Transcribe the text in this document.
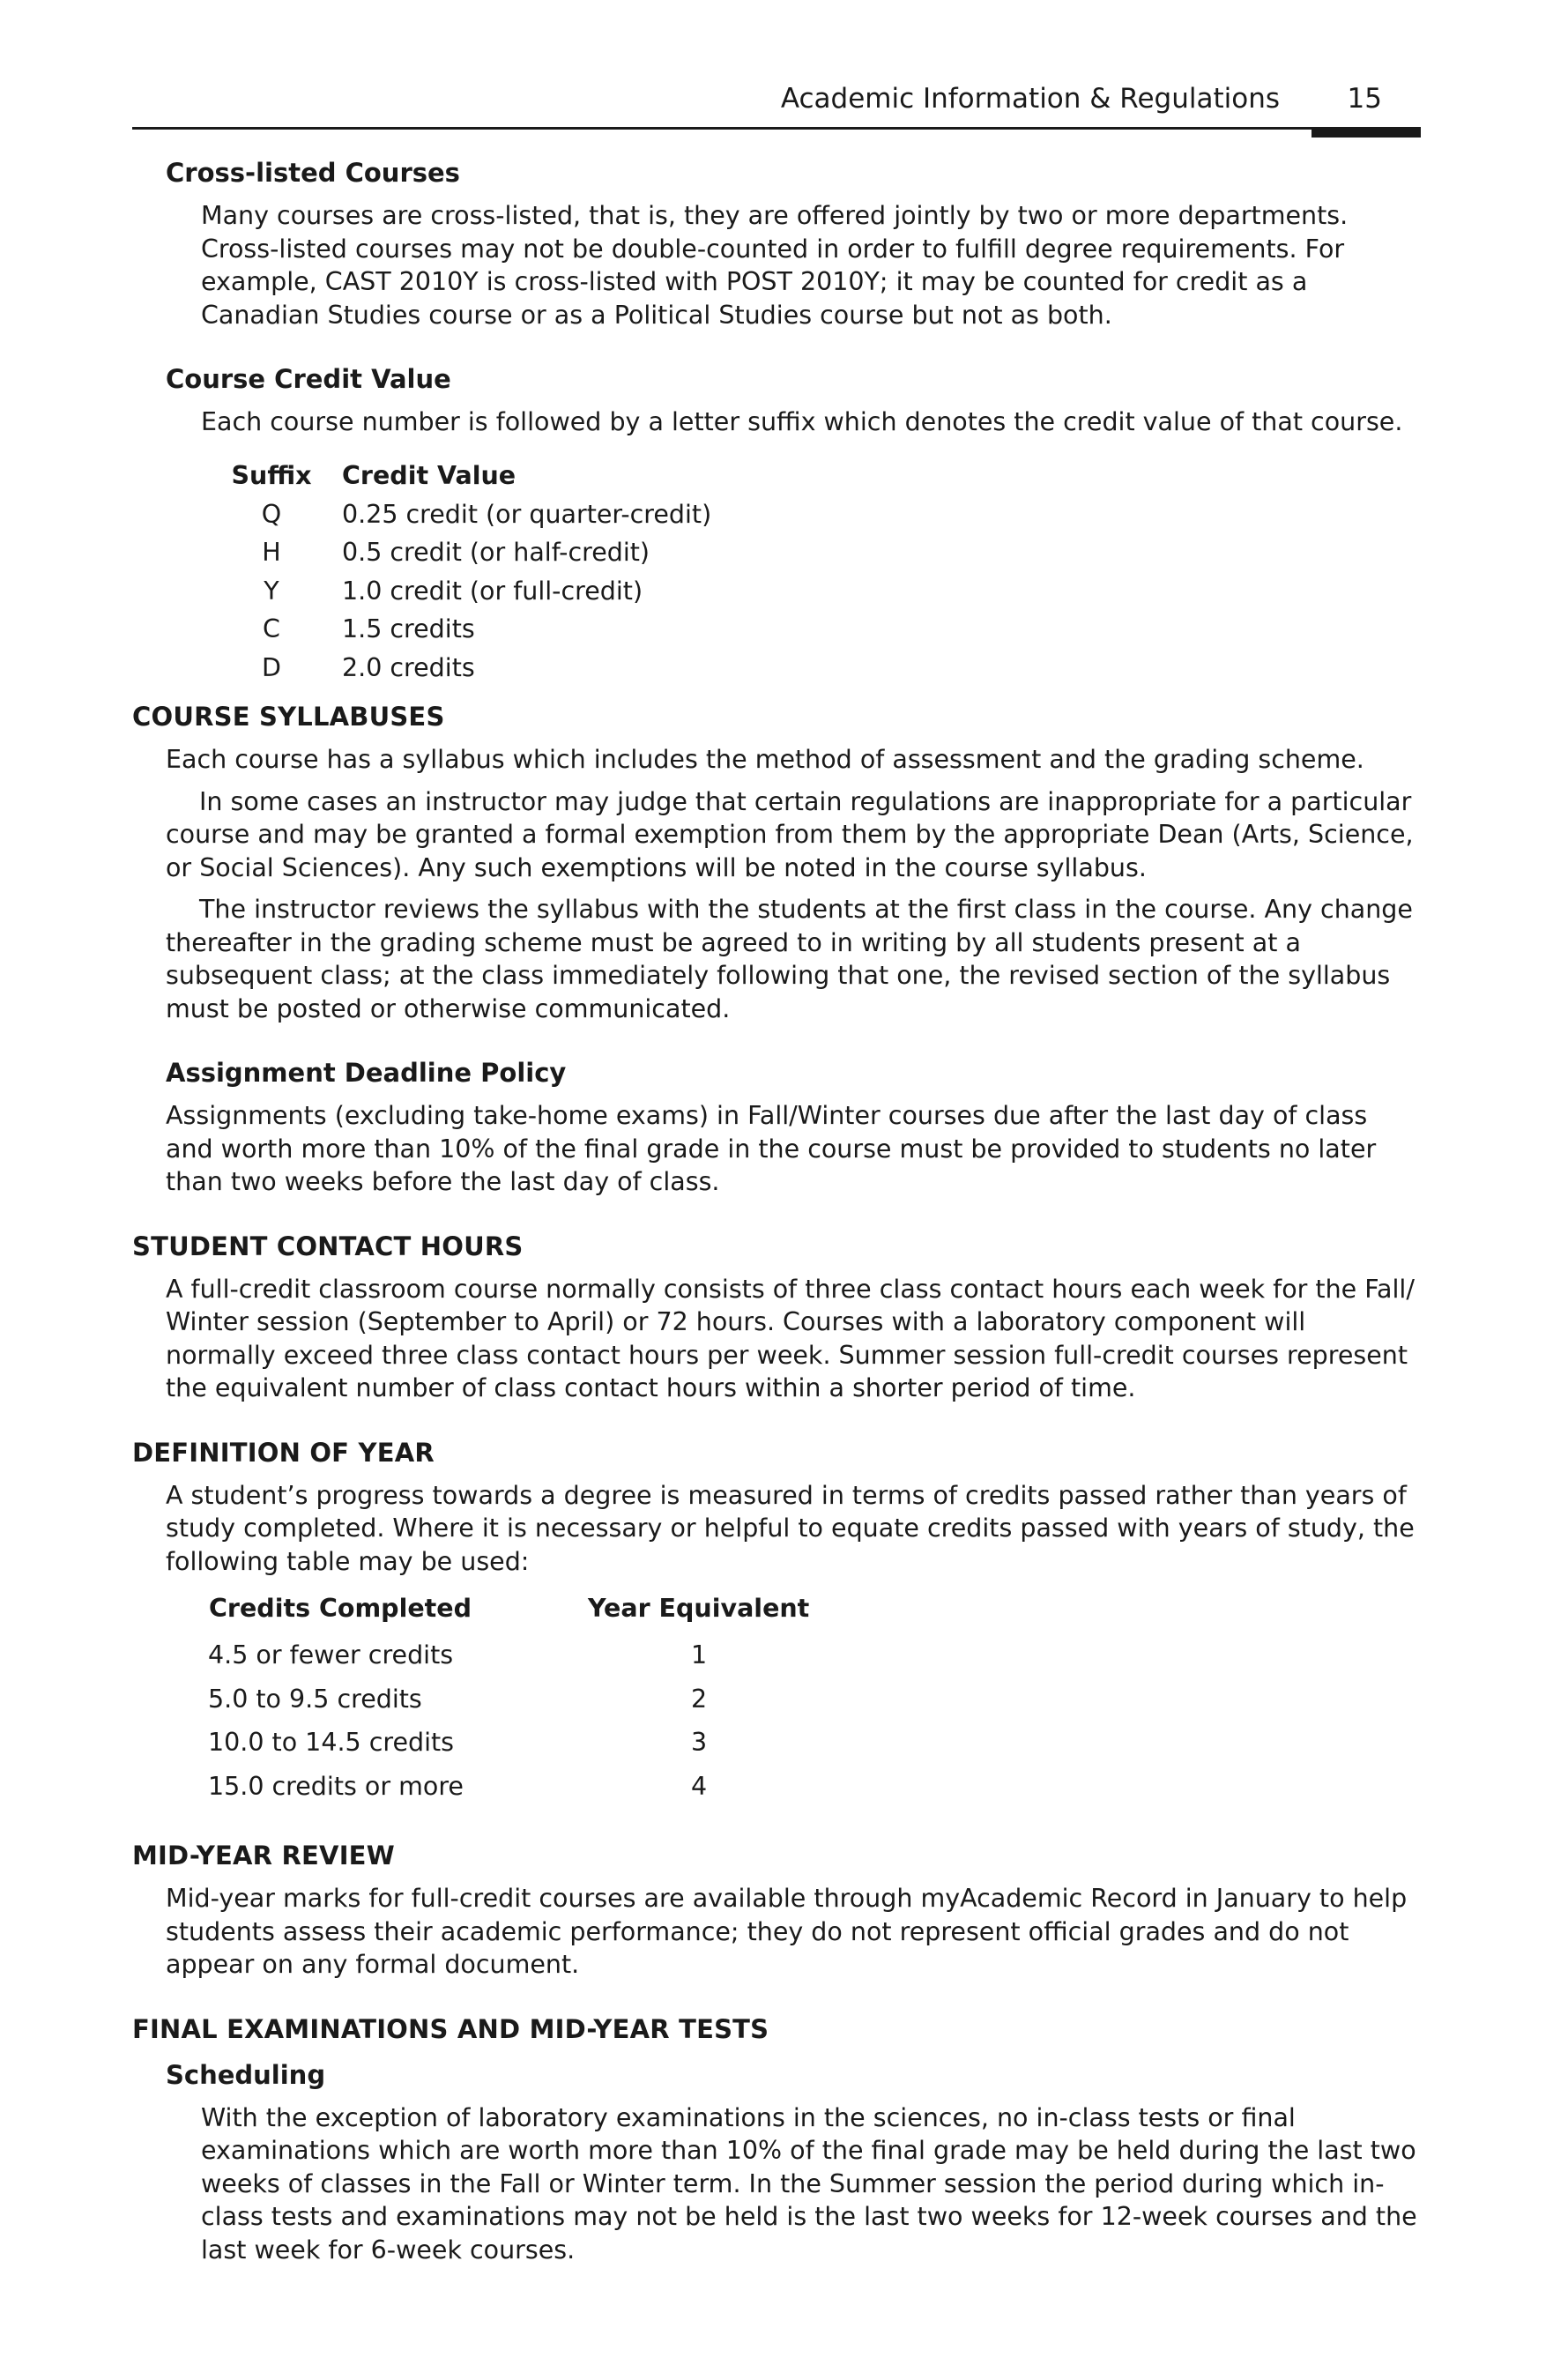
Academic Information & Regulations 15
Cross-listed Courses
Many courses are cross-listed, that is, they are offered jointly by two or more departments. Cross-listed courses may not be double-counted in order to fulfill degree requirements. For example, CAST 2010Y is cross-listed with POST 2010Y; it may be counted for credit as a Canadian Studies course or as a Political Studies course but not as both.
Course Credit Value
Each course number is followed by a letter suffix which denotes the credit value of that course.
Suffix	Credit Value
Q	0.25 credit (or quarter-credit)
H	0.5 credit (or half-credit)
Y	1.0 credit (or full-credit)
C	1.5 credits
D	2.0 credits
COURSE SYLLABUSES
Each course has a syllabus which includes the method of assessment and the grading scheme.
In some cases an instructor may judge that certain regulations are inappropriate for a particular course and may be granted a formal exemption from them by the appropriate Dean (Arts, Science, or Social Sciences). Any such exemptions will be noted in the course syllabus.
The instructor reviews the syllabus with the students at the first class in the course. Any change thereafter in the grading scheme must be agreed to in writing by all students present at a subsequent class; at the class immediately following that one, the revised section of the syllabus must be posted or otherwise communicated.
Assignment Deadline Policy
Assignments (excluding take-home exams) in Fall/Winter courses due after the last day of class and worth more than 10% of the final grade in the course must be provided to students no later than two weeks before the last day of class.
STUDENT CONTACT HOURS
A full-credit classroom course normally consists of three class contact hours each week for the Fall/ Winter session (September to April) or 72 hours. Courses with a laboratory component will normally exceed three class contact hours per week. Summer session full-credit courses represent the equivalent number of class contact hours within a shorter period of time.
DEFINITION OF YEAR
A student’s progress towards a degree is measured in terms of credits passed rather than years of study completed. Where it is necessary or helpful to equate credits passed with years of study, the following table may be used:
Credits Completed	Year Equivalent
4.5 or fewer credits	1
5.0 to 9.5 credits	2
10.0 to 14.5 credits	3
15.0 credits or more	4
MID-YEAR REVIEW
Mid-year marks for full-credit courses are available through myAcademic Record in January to help students assess their academic performance; they do not represent official grades and do not appear on any formal document.
FINAL EXAMINATIONS AND MID-YEAR TESTS
Scheduling
With the exception of laboratory examinations in the sciences, no in-class tests or final examinations which are worth more than 10% of the final grade may be held during the last two weeks of classes in the Fall or Winter term. In the Summer session the period during which in-class tests and examinations may not be held is the last two weeks for 12-week courses and the last week for 6-week courses.
